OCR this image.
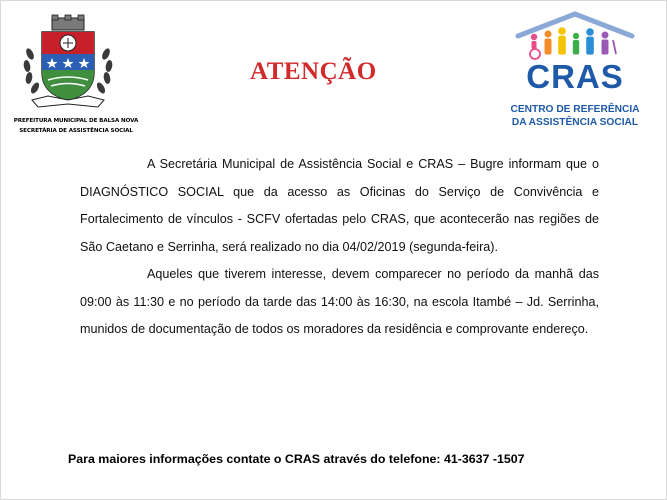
PREFEITURA MUNICIPAL DE BALSA NOVA
SECRETÁRIA DE ASSISTÊNCIA SOCIAL
ATENÇÃO	CRAS
CENTRO DE REFERÊNCIA
DA ASSISTÊNCIA SOCIAL

A Secretária Municipal de Assistência Social e CRAS – Bugre informam que o DIAGNÓSTICO SOCIAL que da acesso as Oficinas do Serviço de Convivência e Fortalecimento de vínculos - SCFV ofertadas pelo CRAS, que acontecerão nas regiões de São Caetano e Serrinha, será realizado no dia 04/02/2019 (segunda-feira).

Aqueles que tiverem interesse, devem comparecer no período da manhã das 09:00 às 11:30 e no período da tarde das 14:00 às 16:30, na escola Itambé – Jd. Serrinha, munidos de documentação de todos os moradores da residência e comprovante endereço.

Para maiores informações contate o CRAS através do telefone: 41-3637 -1507
